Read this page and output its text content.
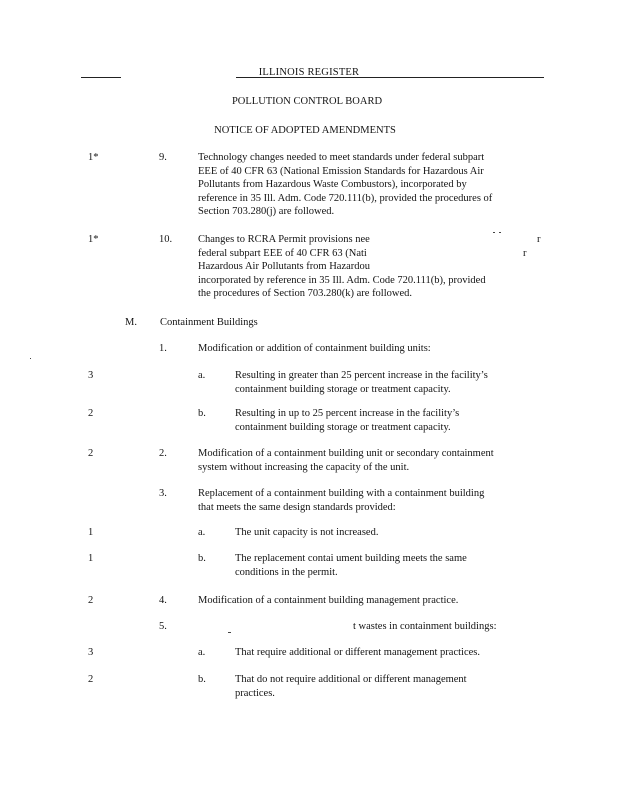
ILLINOIS REGISTER
POLLUTION CONTROL BOARD
NOTICE OF ADOPTED AMENDMENTS
1*	9.	Technology changes needed to meet standards under federal subpart
EEE of 40 CFR 63 (National Emission Standards for Hazardous Air
Pollutants from Hazardous Waste Combustors), incorporated by
reference in 35 Ill. Adm. Code 720.111(b), provided the procedures of
Section 703.280(j) are followed.
1*	10. Changes to RCRA Permit provisions nee
federal subpart EEE of 40 CFR 63 (Nati
Hazardous Air Pollutants from Hazardou
incorporated by reference in 35 Ill. Adm. Code 720.111(b), provided
the procedures of Section 703.280(k) are followed.
r
r
M. Containment Buildings
1.	Modification or addition of containment building units:
3	a.	Resulting in greater than 25 percent increase in the facility’s
containment building storage or treatment capacity.
2	b.	Resulting in up to 25 percent increase in the facility’s
containment building storage or treatment capacity.
2	2.	Modification of a containment building unit or secondary containment
system without increasing the capacity of the unit.
3.	Replacement of a containment building with a containment building
that meets the same design standards provided:
1	a.	The unit capacity is not increased.
1	b.	The replacement contai ument building meets the same
conditions in the permit.
2	4.	Modification of a containment building management practice.
5.	t wastes in containment buildings:
3	a.	That require additional or different management practices.
2	b.	That do not require additional or different management
practices.
